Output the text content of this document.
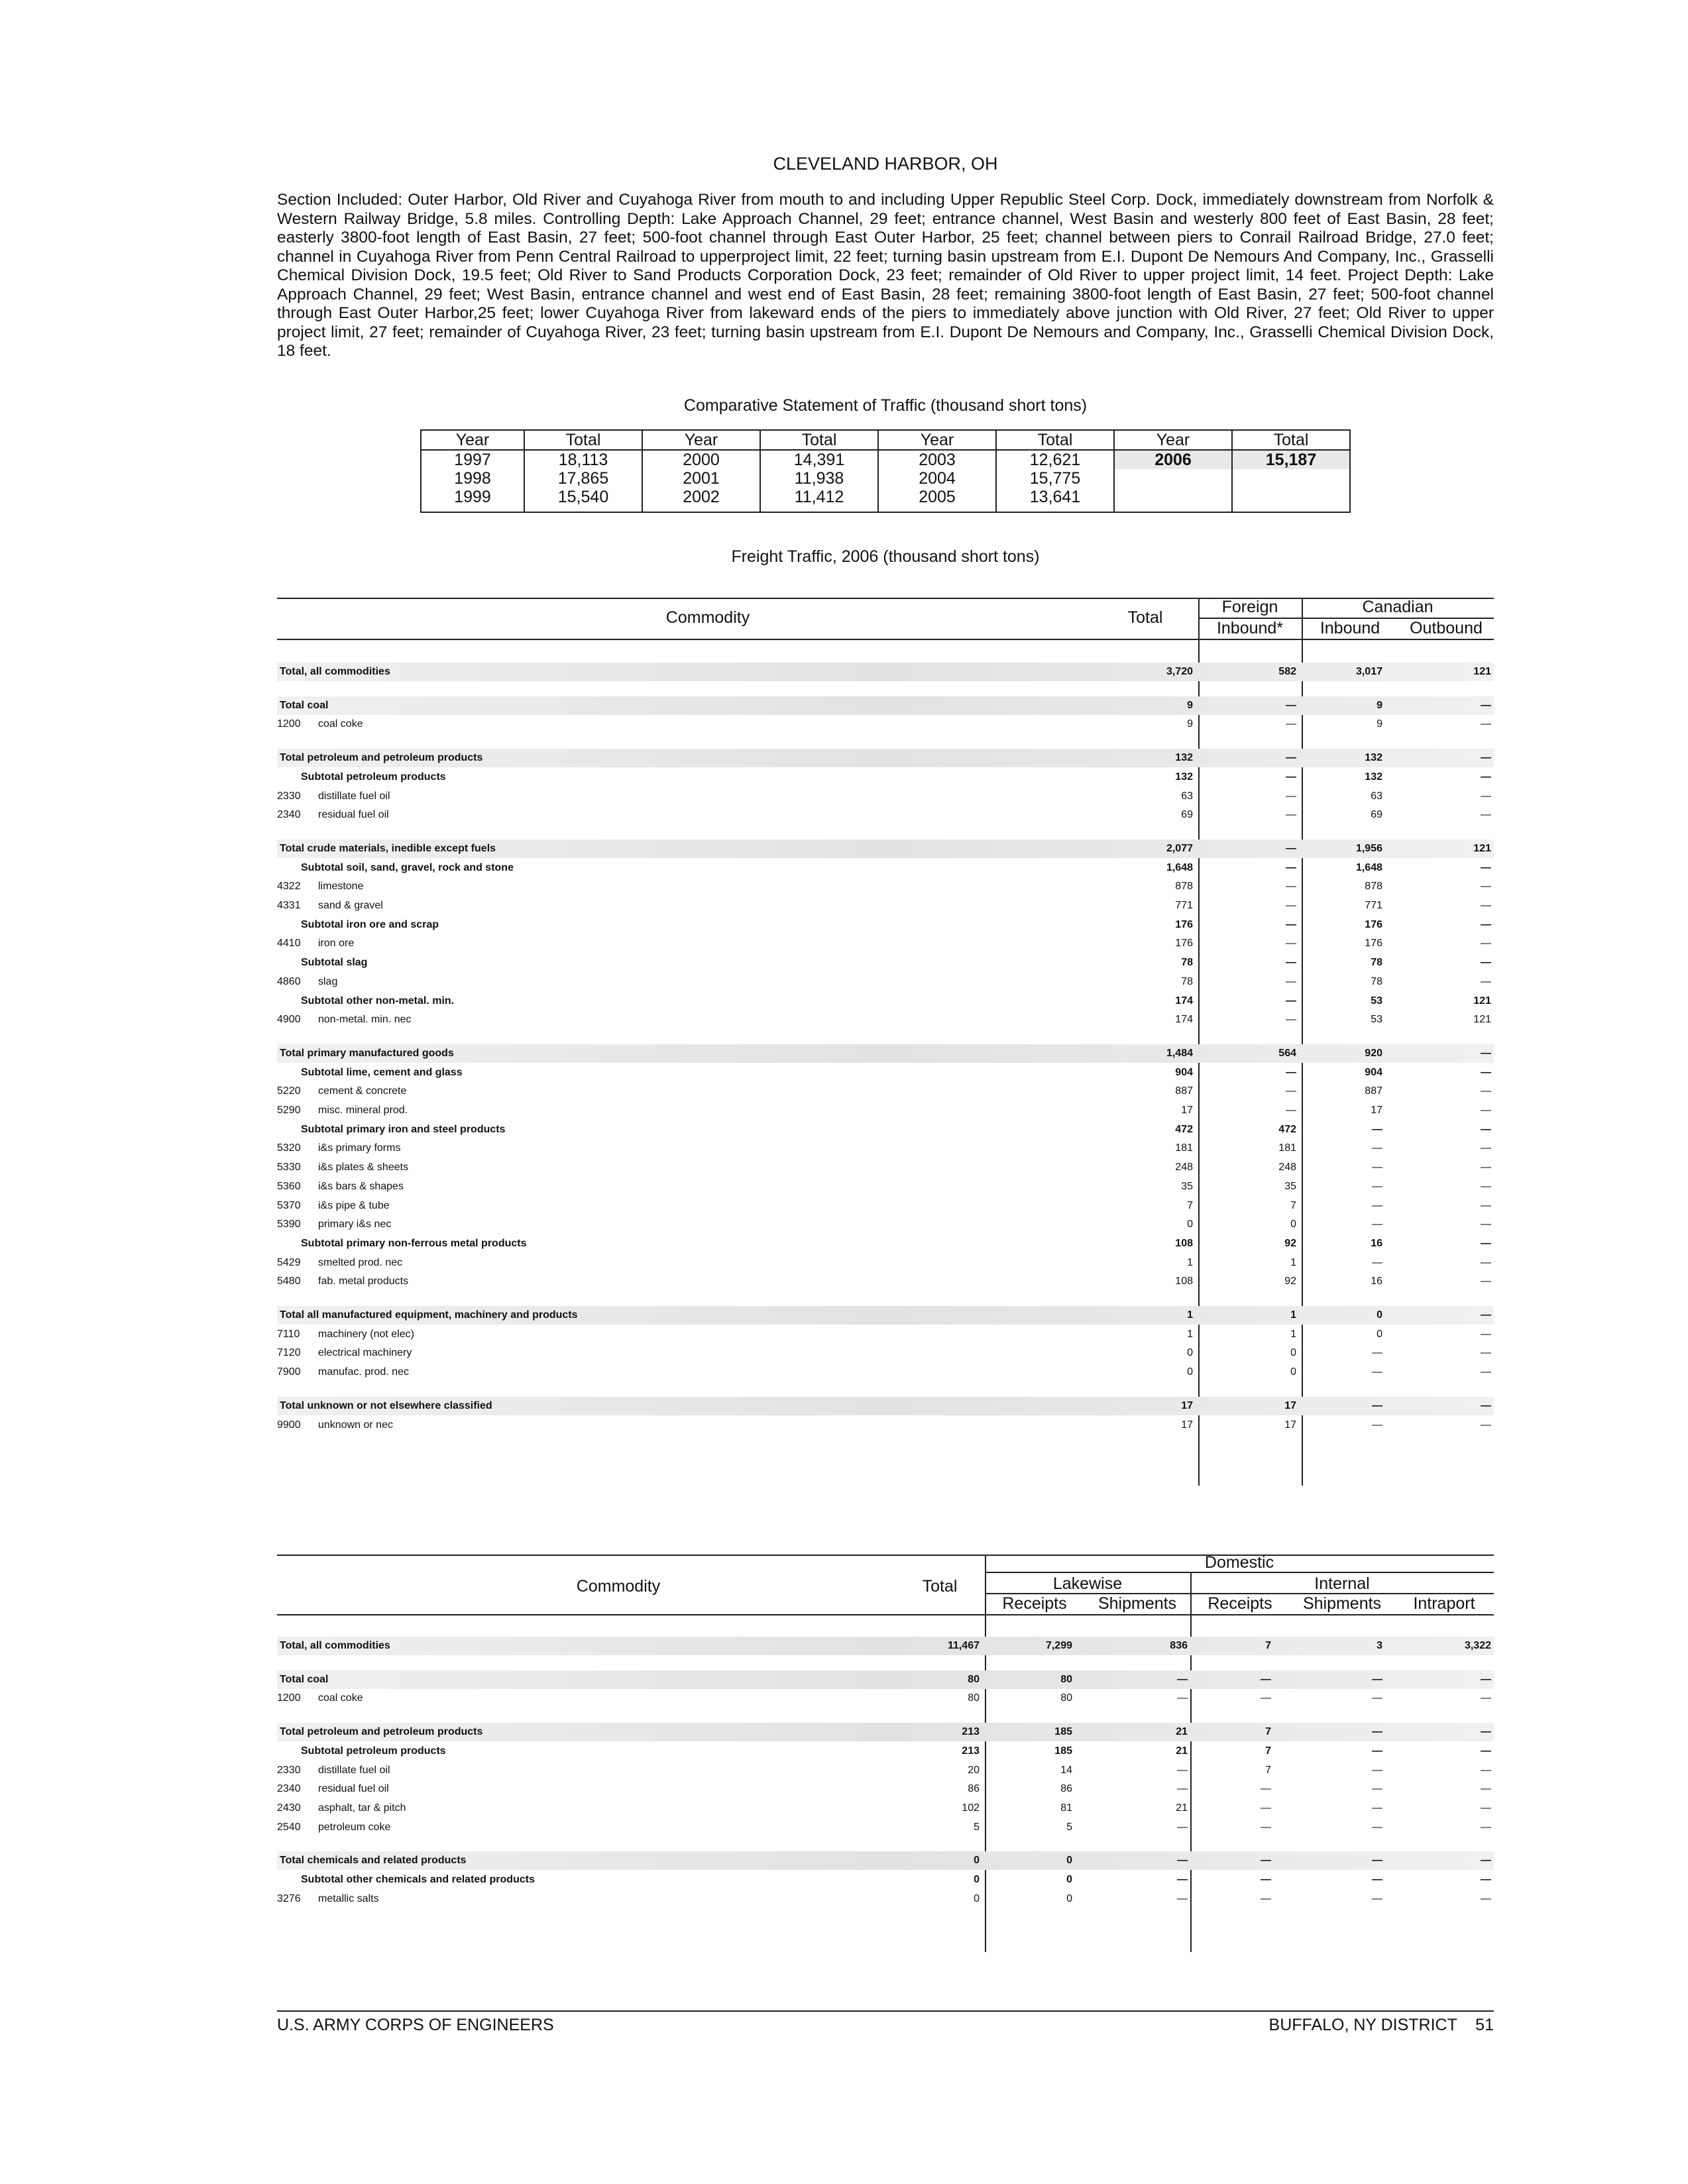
CLEVELAND HARBOR, OH
Section Included: Outer Harbor, Old River and Cuyahoga River from mouth to and including Upper Republic Steel Corp. Dock, immediately downstream from Norfolk & Western Railway Bridge, 5.8 miles. Controlling Depth: Lake Approach Channel, 29 feet; entrance channel, West Basin and westerly 800 feet of East Basin, 28 feet; easterly 3800-foot length of East Basin, 27 feet; 500-foot channel through East Outer Harbor, 25 feet; channel between piers to Conrail Railroad Bridge, 27.0 feet; channel in Cuyahoga River from Penn Central Railroad to upperproject limit, 22 feet; turning basin upstream from E.I. Dupont De Nemours And Company, Inc., Grasselli Chemical Division Dock, 19.5 feet; Old River to Sand Products Corporation Dock, 23 feet; remainder of Old River to upper project limit, 14 feet. Project Depth: Lake Approach Channel, 29 feet; West Basin, entrance channel and west end of East Basin, 28 feet; remaining 3800-foot length of East Basin, 27 feet; 500-foot channel through East Outer Harbor,25 feet; lower Cuyahoga River from lakeward ends of the piers to immediately above junction with Old River, 27 feet; Old River to upper project limit, 27 feet; remainder of Cuyahoga River, 23 feet; turning basin upstream from E.I. Dupont De Nemours and Company, Inc., Grasselli Chemical Division Dock, 18 feet.
Comparative Statement of Traffic (thousand short tons)
Year	Total	Year	Total	Year	Total	Year	Total
1997	18,113	2000	14,391	2003	12,621	2006	15,187
1998	17,865	2001	11,938	2004	15,775		
1999	15,540	2002	11,412	2005	13,641		
Freight Traffic, 2006 (thousand short tons)
Commodity	Total
Foreign	Canadian
Inbound*	Inbound	Outbound
Total, all commodities	3,720	582	3,017	121
Total coal	9	—	9	—
1200 coal coke	9	—	9	—
Total petroleum and petroleum products	132	—	132	—
Subtotal petroleum products	132	—	132	—
2330 distillate fuel oil	63	—	63	—
2340 residual fuel oil	69	—	69	—
Total crude materials, inedible except fuels	2,077	—	1,956	121
Subtotal soil, sand, gravel, rock and stone	1,648	—	1,648	—
4322 limestone	878	—	878	—
4331 sand & gravel	771	—	771	—
Subtotal iron ore and scrap	176	—	176	—
4410 iron ore	176	—	176	—
Subtotal slag	78	—	78	—
4860 slag	78	—	78	—
Subtotal other non-metal. min.	174	—	53	121
4900 non-metal. min. nec	174	—	53	121
Total primary manufactured goods	1,484	564	920	—
Subtotal lime, cement and glass	904	—	904	—
5220 cement & concrete	887	—	887	—
5290 misc. mineral prod.	17	—	17	—
Subtotal primary iron and steel products	472	472	—	—
5320 i&s primary forms	181	181	—	—
5330 i&s plates & sheets	248	248	—	—
5360 i&s bars & shapes	35	35	—	—
5370 i&s pipe & tube	7	7	—	—
5390 primary i&s nec	0	0	—	—
Subtotal primary non-ferrous metal products	108	92	16	—
5429 smelted prod. nec	1	1	—	—
5480 fab. metal products	108	92	16	—
Total all manufactured equipment, machinery and products	1	1	0	—
7110 machinery (not elec)	1	1	0	—
7120 electrical machinery	0	0	—	—
7900 manufac. prod. nec	0	0	—	—
Total unknown or not elsewhere classified	17	17	—	—
9900 unknown or nec	17	17	—	—
Commodity	Total
Domestic
Lakewise	Internal
Receipts	Shipments	Receipts	Shipments	Intraport
Total, all commodities	11,467	7,299	836	7	3	3,322
Total coal	80	80	—	—	—	—
1200 coal coke	80	80	—	—	—	—
Total petroleum and petroleum products	213	185	21	7	—	—
Subtotal petroleum products	213	185	21	7	—	—
2330 distillate fuel oil	20	14	—	7	—	—
2340 residual fuel oil	86	86	—	—	—	—
2430 asphalt, tar & pitch	102	81	21	—	—	—
2540 petroleum coke	5	5	—	—	—	—
Total chemicals and related products	0	0	—	—	—	—
Subtotal other chemicals and related products	0	0	—	—	—	—
3276 metallic salts	0	0	—	—	—	—
U.S. ARMY CORPS OF ENGINEERS	BUFFALO, NY DISTRICT    51
